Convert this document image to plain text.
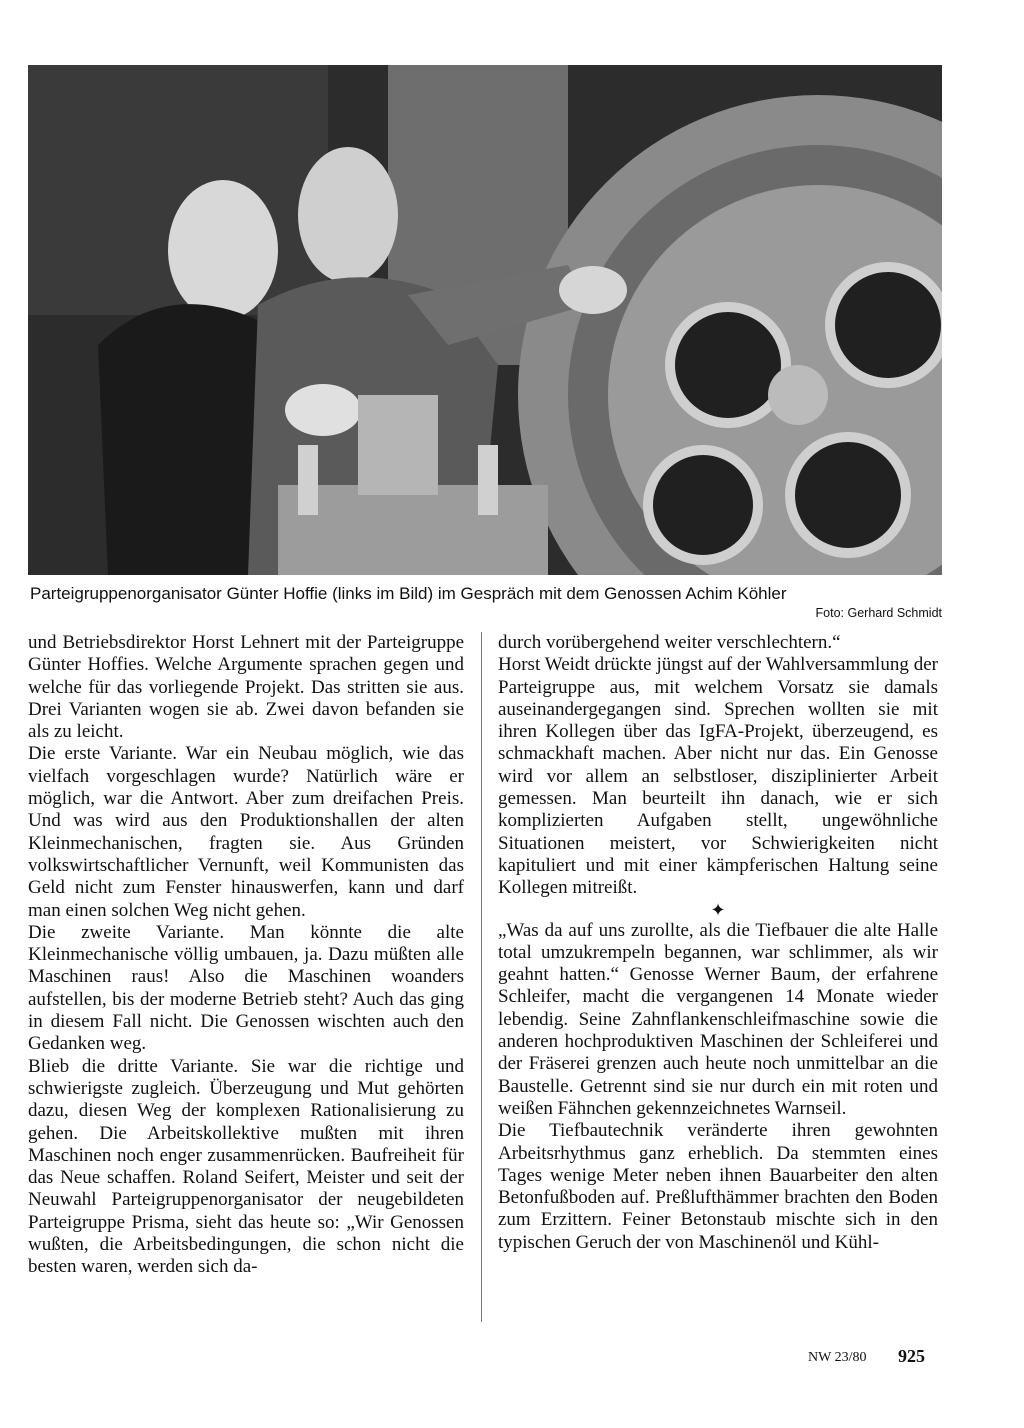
Parteigruppenorganisator Günter Hoffie (links im Bild) im Gespräch mit dem Genossen Achim Köhler
Foto: Gerhard Schmidt

und Betriebsdirektor Horst Lehnert mit der Parteigruppe Günter Hoffies. Welche Argumente sprachen gegen und welche für das vorliegende Projekt. Das stritten sie aus. Drei Varianten wogen sie ab. Zwei davon befanden sie als zu leicht.

Die erste Variante. War ein Neubau möglich, wie das vielfach vorgeschlagen wurde? Natürlich wäre er möglich, war die Antwort. Aber zum dreifachen Preis. Und was wird aus den Produktionshallen der alten Kleinmechanischen, fragten sie. Aus Gründen volkswirtschaftlicher Vernunft, weil Kommunisten das Geld nicht zum Fenster hinauswerfen, kann und darf man einen solchen Weg nicht gehen.

Die zweite Variante. Man könnte die alte Kleinmechanische völlig umbauen, ja. Dazu müßten alle Maschinen raus! Also die Maschinen woanders aufstellen, bis der moderne Betrieb steht? Auch das ging in diesem Fall nicht. Die Genossen wischten auch den Gedanken weg.

Blieb die dritte Variante. Sie war die richtige und schwierigste zugleich. Überzeugung und Mut gehörten dazu, diesen Weg der komplexen Rationalisierung zu gehen. Die Arbeitskollektive mußten mit ihren Maschinen noch enger zusammenrücken. Baufreiheit für das Neue schaffen. Roland Seifert, Meister und seit der Neuwahl Parteigruppenorganisator der neugebildeten Parteigruppe Prisma, sieht das heute so: „Wir Genossen wußten, die Arbeitsbedingungen, die schon nicht die besten waren, werden sich da-

durch vorübergehend weiter verschlechtern.“

Horst Weidt drückte jüngst auf der Wahlversammlung der Parteigruppe aus, mit welchem Vorsatz sie damals auseinandergegangen sind. Sprechen wollten sie mit ihren Kollegen über das IgFA-Projekt, überzeugend, es schmackhaft machen. Aber nicht nur das. Ein Genosse wird vor allem an selbstloser, disziplinierter Arbeit gemessen. Man beurteilt ihn danach, wie er sich komplizierten Aufgaben stellt, ungewöhnliche Situationen meistert, vor Schwierigkeiten nicht kapituliert und mit einer kämpferischen Haltung seine Kollegen mitreißt.

✦

„Was da auf uns zurollte, als die Tiefbauer die alte Halle total umzukrempeln begannen, war schlimmer, als wir geahnt hatten.“ Genosse Werner Baum, der erfahrene Schleifer, macht die vergangenen 14 Monate wieder lebendig. Seine Zahnflankenschleifmaschine sowie die anderen hochproduktiven Maschinen der Schleiferei und der Fräserei grenzen auch heute noch unmittelbar an die Baustelle. Getrennt sind sie nur durch ein mit roten und weißen Fähnchen gekennzeichnetes Warnseil.

Die Tiefbautechnik veränderte ihren gewohnten Arbeitsrhythmus ganz erheblich. Da stemmten eines Tages wenige Meter neben ihnen Bauarbeiter den alten Betonfußboden auf. Preßlufthämmer brachten den Boden zum Erzittern. Feiner Betonstaub mischte sich in den typischen Geruch der von Maschinenöl und Kühl-

NW 23/80 925
